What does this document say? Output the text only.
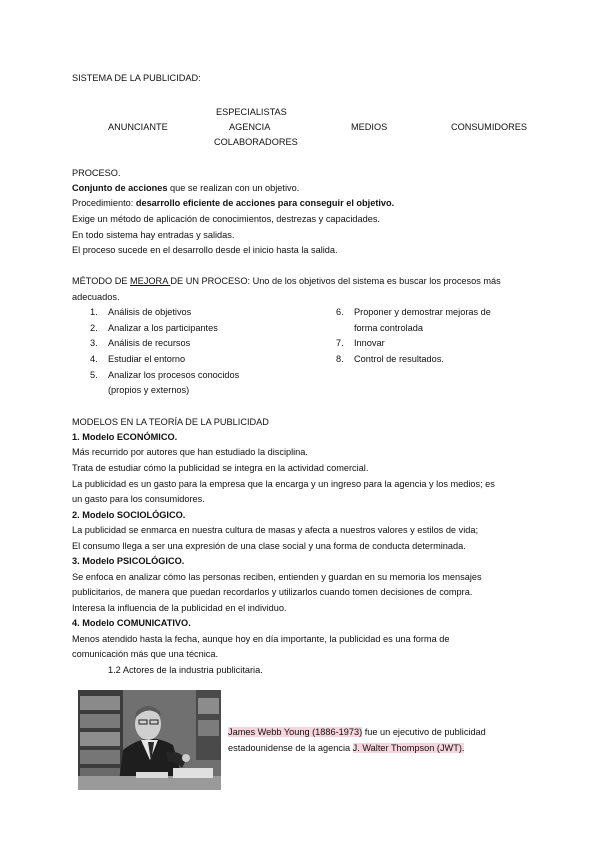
SISTEMA DE LA PUBLICIDAD:
ESPECIALISTAS
ANUNCIANTE	AGENCIA	MEDIOS	CONSUMIDORES
COLABORADORES
PROCESO.
Conjunto de acciones que se realizan con un objetivo.
Procedimiento: desarrollo eficiente de acciones para conseguir el objetivo.
Exige un método de aplicación de conocimientos, destrezas y capacidades.
En todo sistema hay entradas y salidas.
El proceso sucede en el desarrollo desde el inicio hasta la salida.
MÉTODO DE MEJORA DE UN PROCESO: Uno de los objetivos del sistema es buscar los procesos más
adecuados.
1. Análisis de objetivos
2. Analizar a los participantes
3. Análisis de recursos
4. Estudiar el entorno
5. Analizar los procesos conocidos
(propios y externos)
6. Proponer y demostrar mejoras de
forma controlada
7. Innovar
8. Control de resultados.
MODELOS EN LA TEORÍA DE LA PUBLICIDAD
1. Modelo ECONÓMICO.
Más recurrido por autores que han estudiado la disciplina.
Trata de estudiar cómo la publicidad se integra en la actividad comercial.
La publicidad es un gasto para la empresa que la encarga y un ingreso para la agencia y los medios; es
un gasto para los consumidores.
2. Modelo SOCIOLÓGICO.
La publicidad se enmarca en nuestra cultura de masas y afecta a nuestros valores y estilos de vida;
El consumo llega a ser una expresión de una clase social y una forma de conducta determinada.
3. Modelo PSICOLÓGICO.
Se enfoca en analizar cómo las personas reciben, entienden y guardan en su memoria los mensajes
publicitarios, de manera que puedan recordarlos y utilizarlos cuando tomen decisiones de compra.
Interesa la influencia de la publicidad en el individuo.
4. Modelo COMUNICATIVO.
Menos atendido hasta la fecha, aunque hoy en día importante, la publicidad es una forma de
comunicación más que una técnica.
1.2 Actores de la industria publicitaria.
James Webb Young (1886-1973) fue un ejecutivo de publicidad
estadounidense de la agencia J. Walter Thompson (JWT).
